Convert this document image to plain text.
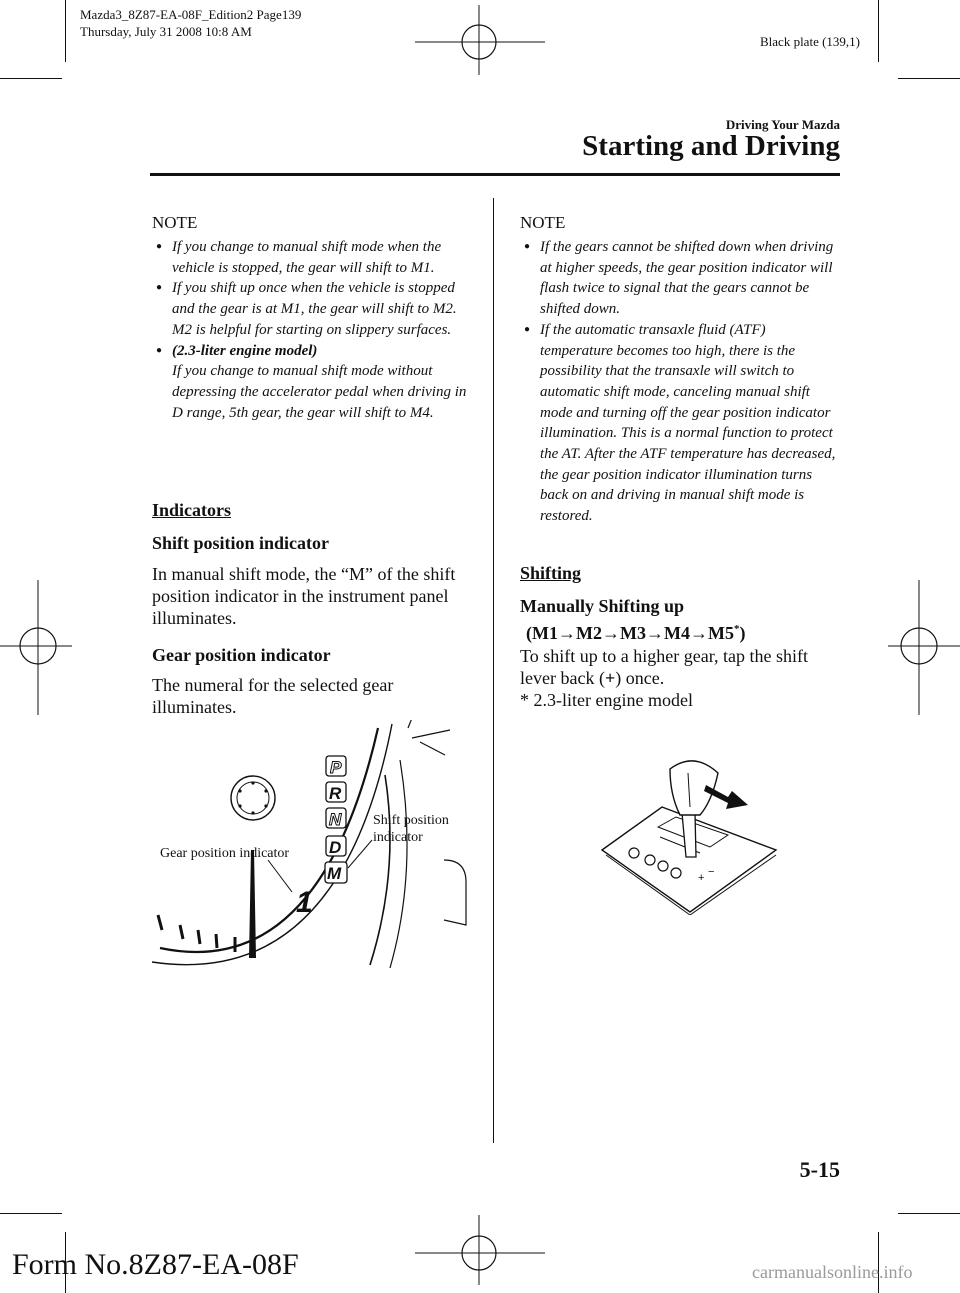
Mazda3_8Z87-EA-08F_Edition2 Page139
Thursday, July 31 2008 10:8 AM
Black plate (139,1)
Driving Your Mazda
Starting and Driving
NOTE
● If you change to manual shift mode when the vehicle is stopped, the gear will shift to M1.
● If you shift up once when the vehicle is stopped and the gear is at M1, the gear will shift to M2. M2 is helpful for starting on slippery surfaces.
● (2.3-liter engine model)
If you change to manual shift mode without depressing the accelerator pedal when driving in D range, 5th gear, the gear will shift to M4.
Indicators
Shift position indicator
In manual shift mode, the “M” of the shift position indicator in the instrument panel illuminates.
Gear position indicator
The numeral for the selected gear illuminates.
1
P
R
N
D
M
Gear position indicator
Shift position
indicator
NOTE
● If the gears cannot be shifted down when driving at higher speeds, the gear position indicator will flash twice to signal that the gears cannot be shifted down.
● If the automatic transaxle fluid (ATF) temperature becomes too high, there is the possibility that the transaxle will switch to automatic shift mode, canceling manual shift mode and turning off the gear position indicator illumination. This is a normal function to protect the AT. After the ATF temperature has decreased, the gear position indicator illumination turns back on and driving in manual shift mode is restored.
Shifting
Manually Shifting up
(M1→M2→M3→M4→M5*)
To shift up to a higher gear, tap the shift lever back (+) once.
* 2.3-liter engine model
+ −
5-15
Form No.8Z87-EA-08F	carmanualsonline.info
